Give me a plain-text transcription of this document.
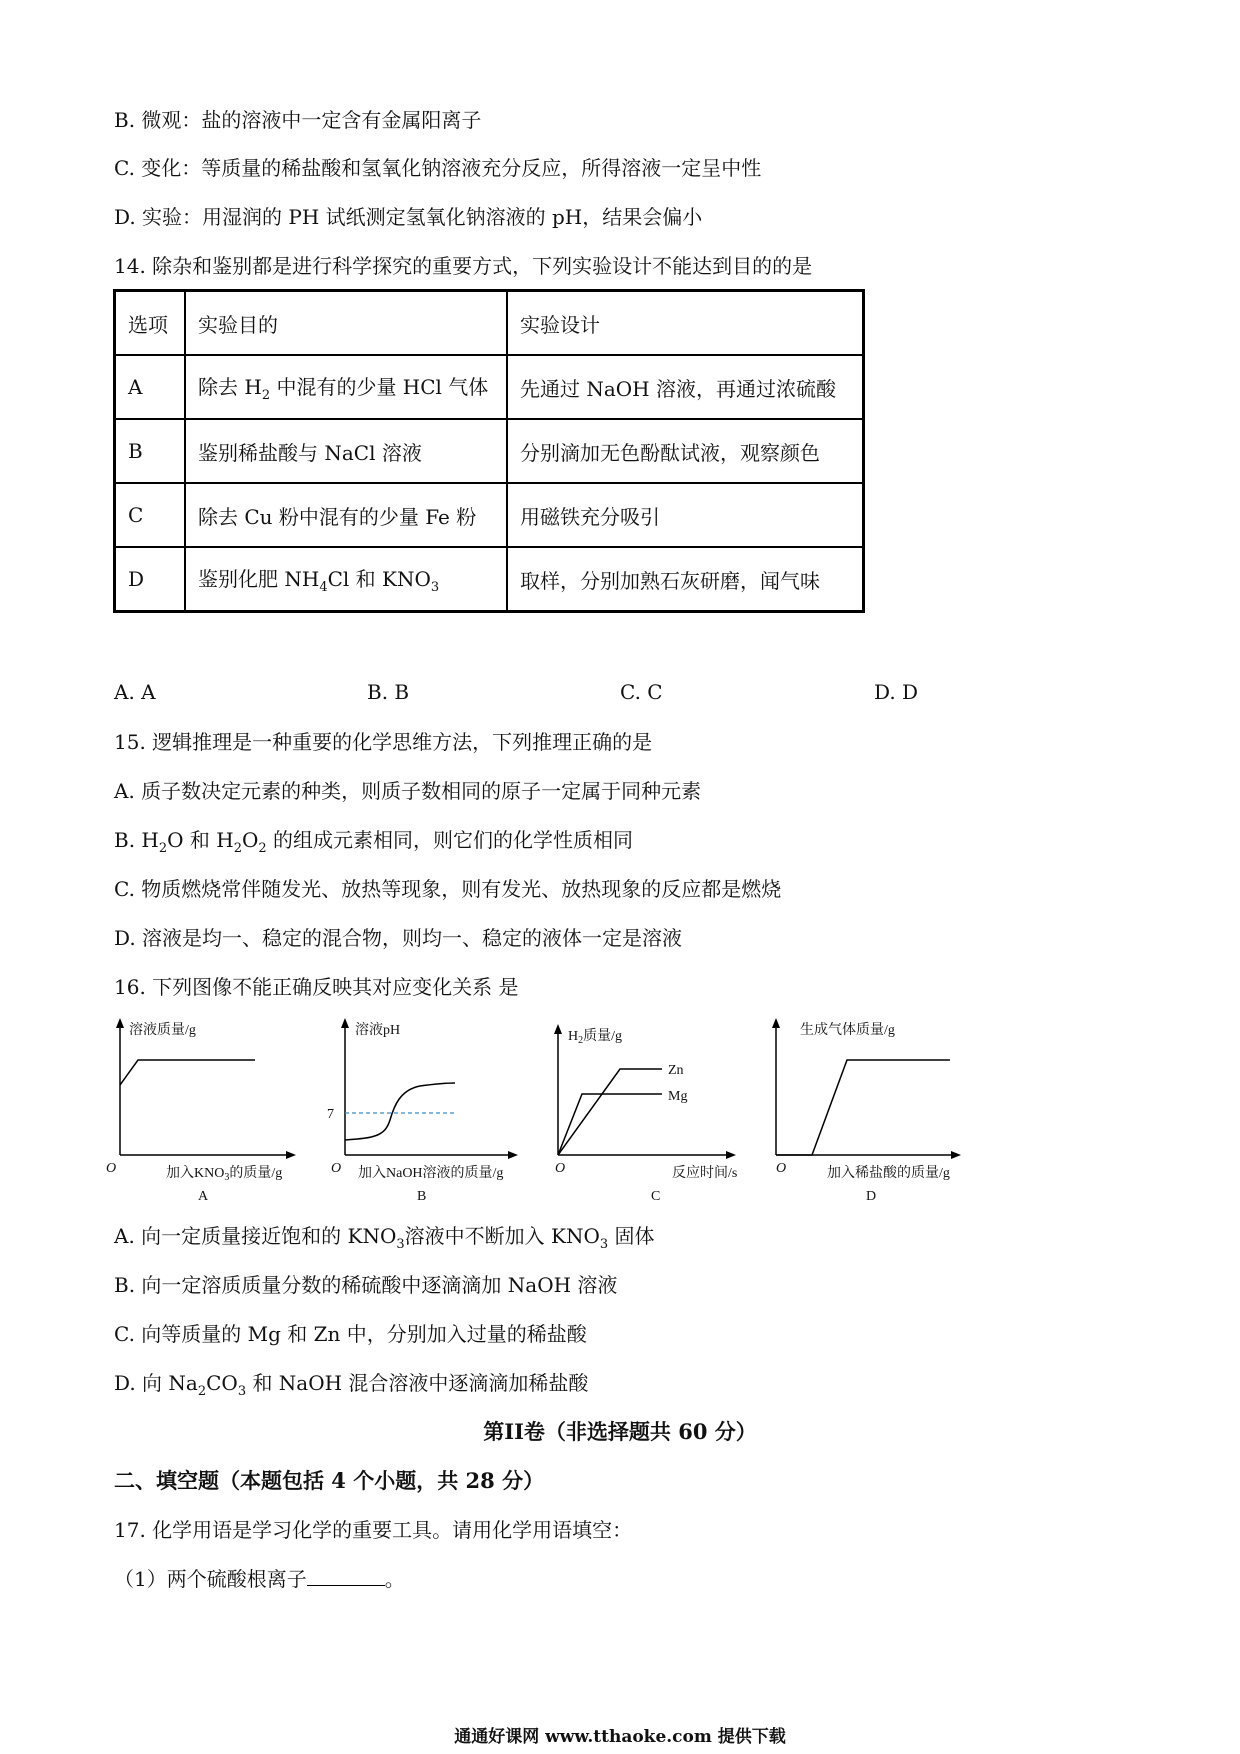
B. 微观：盐的溶液中一定含有金属阳离子
C. 变化：等质量的稀盐酸和氢氧化钠溶液充分反应，所得溶液一定呈中性
D. 实验：用湿润的 PH 试纸测定氢氧化钠溶液的 pH，结果会偏小
14. 除杂和鉴别都是进行科学探究的重要方式，下列实验设计不能达到目的的是
选项	实验目的	实验设计
A	除去 $H_2$ 中混有的少量 HCl 气体	先通过 NaOH 溶液，再通过浓硫酸
B	鉴别稀盐酸与 NaCl 溶液	分别滴加无色酚酞试液，观察颜色
C	除去 Cu 粉中混有的少量 Fe 粉	用磁铁充分吸引
D	鉴别化肥 $NH_4Cl$ 和 $KNO_3$	取样，分别加熟石灰研磨，闻气味
A. A	B. B	C. C	D. D
15. 逻辑推理是一种重要的化学思维方法，下列推理正确的是
A. 质子数决定元素的种类，则质子数相同的原子一定属于同种元素
B. $H_2O$ 和 $H_2O_2$ 的组成元素相同，则它们的化学性质相同
C. 物质燃烧常伴随发光、放热等现象，则有发光、放热现象的反应都是燃烧
D. 溶液是均一、稳定的混合物，则均一、稳定的液体一定是溶液
16. 下列图像不能正确反映其对应变化关系 是
溶液质量/g
O	加入$KNO_3$的质量/g
A
溶液pH
7
O 加入NaOH溶液的质量/g
B
$H_2$质量/g
Zn
Mg
O	反应时间/s
C
生成气体质量/g
O	加入稀盐酸的质量/g
D
A. 向一定质量接近饱和的 $KNO_3$溶液中不断加入 $KNO_3$ 固体
B. 向一定溶质质量分数的稀硫酸中逐滴滴加 NaOH 溶液
C. 向等质量的 Mg 和 Zn 中，分别加入过量的稀盐酸
D. 向 $Na_2CO_3$ 和 NaOH 混合溶液中逐滴滴加稀盐酸
第II卷（非选择题共 60 分）
二、填空题（本题包括 4 个小题，共 28 分）
17. 化学用语是学习化学的重要工具。请用化学用语填空：
（1）两个硫酸根离子	。
通通好课网 www.tthaoke.com 提供下载
